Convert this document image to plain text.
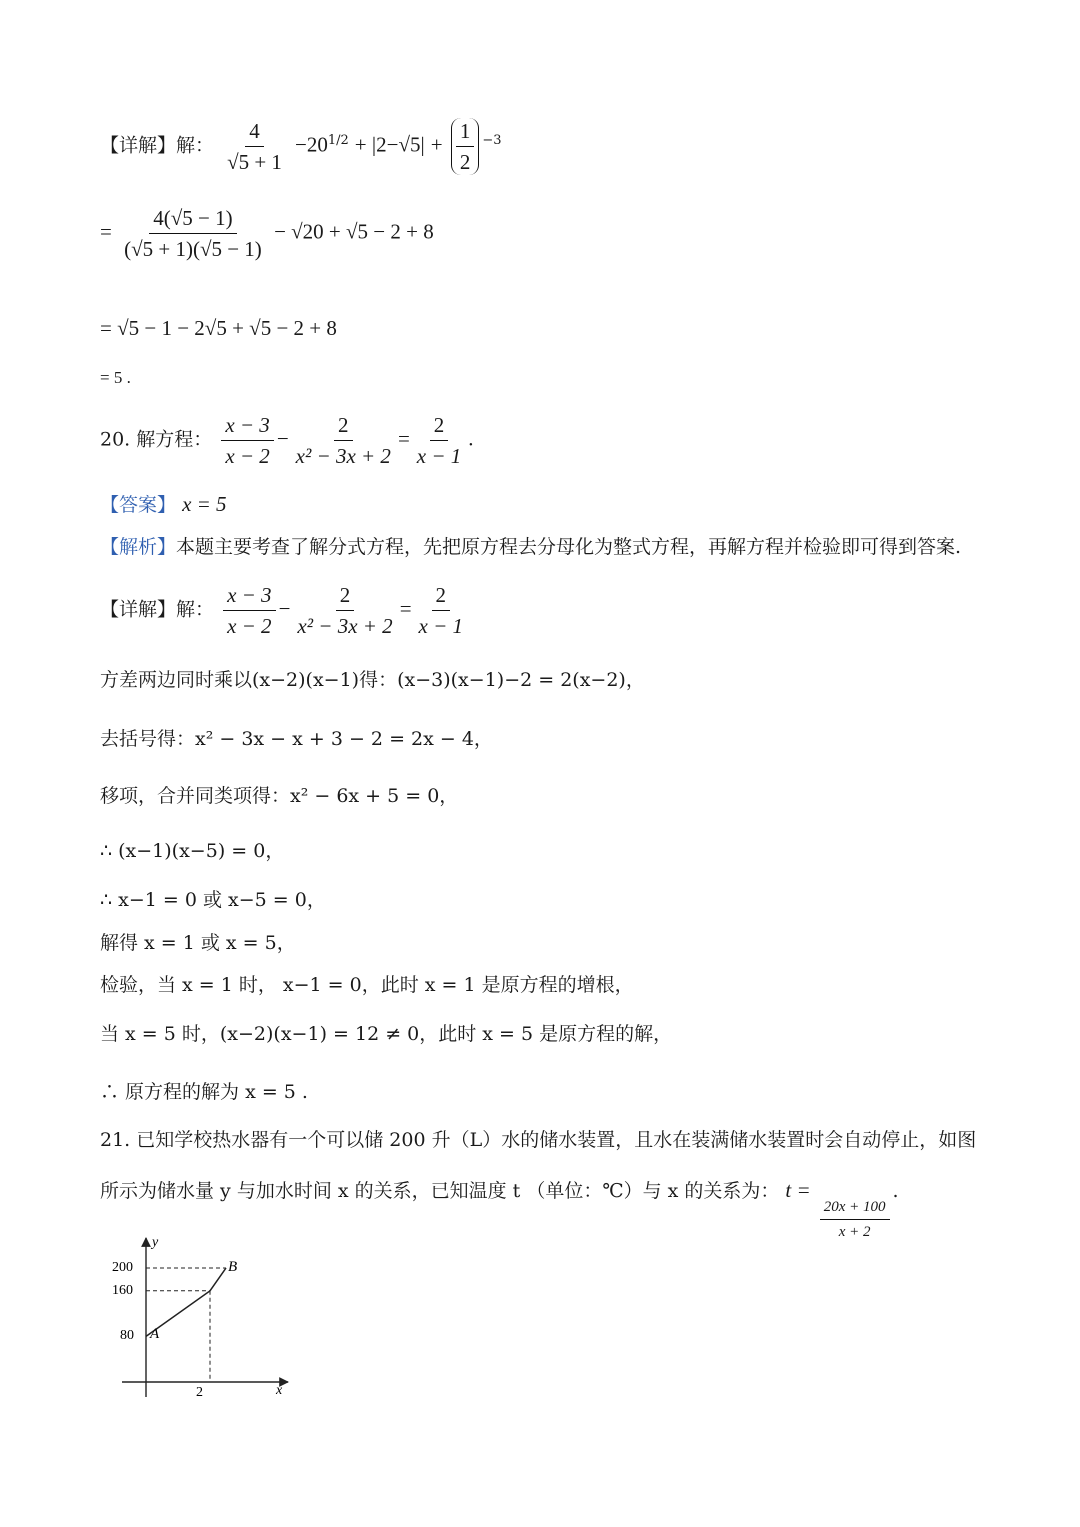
【详解】解： $\frac{4}{√5 + 1} -20^{1/2} + |2-√5| + \frac{1}{2} ^{-3}$
= $\frac{4(√5 - 1)}{(√5 + 1)(√5 - 1)} - √20 + √5 - 2 + 8$
= √5 − 1 − 2√5 + √5 − 2 + 8
= 5 .
20. 解方程： $\frac{x - 3}{x - 2} - \frac{2}{\text{x² − 3x + 2}} = \frac{2}{x - 1}$ .
【答案】 x = 5
【解析】本题主要考查了解分式方程，先把原方程去分母化为整式方程，再解方程并检验即可得到答案.
【详解】解： $\frac{x - 3}{x - 2} - \frac{2}{\text{x² − 3x + 2}} = \frac{2}{x - 1}$
方差两边同时乘以(x−2)(x−1)得：(x−3)(x−1)−2 = 2(x−2)，
去括号得：x² − 3x − x + 3 − 2 = 2x − 4，
移项，合并同类项得：x² − 6x + 5 = 0，
∴ (x−1)(x−5) = 0，
∴ x−1 = 0 或 x−5 = 0，
解得 x = 1 或 x = 5，
检验，当 x = 1 时， x−1 = 0，此时 x = 1 是原方程的增根，
当 x = 5 时，(x−2)(x−1) = 12 ≠ 0，此时 x = 5 是原方程的解，
∴ 原方程的解为 x = 5 .
21. 已知学校热水器有一个可以储 200 升（L）水的储水装置，且水在装满储水装置时会自动停止，如图
所示为储水量 y 与加水时间 x 的关系，已知温度 t （单位：℃）与 x 的关系为： t =
$\frac{20x + 100}{x + 2}$
.
y
x
200
160
80
2
A
B
